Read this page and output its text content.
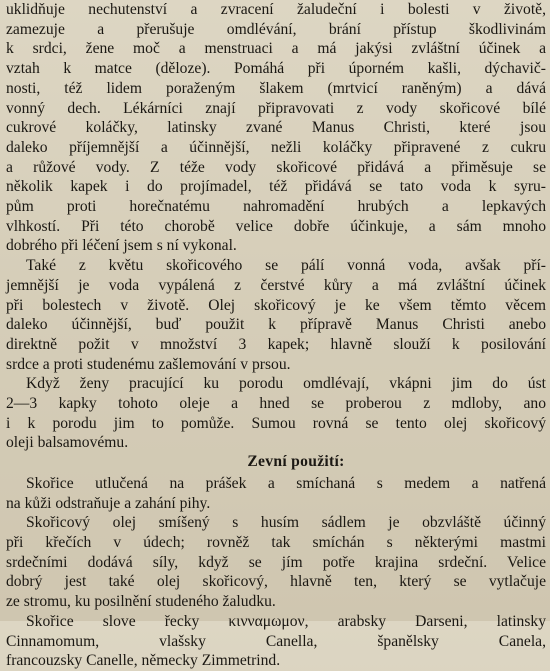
uklidňuje nechutenství a zvracení žaludeční i bolesti v životě,
zamezuje a přerušuje omdlévání, brání přístup škodlivinám
k srdci, žene moč a menstruaci a má jakýsi zvláštní účinek a
vztah k matce (děloze). Pomáhá při úporném kašli, dýchavič-
nosti, též lidem poraženým šlakem (mrtvicí raněným) a dává
vonný dech. Lékárníci znají připravovati z vody skořicové bílé
cukrové koláčky, latinsky zvané Manus Christi, které jsou
daleko příjemnější a účinnější, nežli koláčky připravené z cukru
a růžové vody. Z téže vody skořicové přidává a přiměsuje se
několik kapek i do projímadel, též přidává se tato voda k syru-
pům proti horečnatému nahromadění hrubých a lepkavých
vlhkostí. Při této chorobě velice dobře účinkuje, a sám mnoho
dobrého při léčení jsem s ní vykonal.
Také z květu skořicového se pálí vonná voda, avšak pří-
jemnější je voda vypálená z čerstvé kůry a má zvláštní účinek
při bolestech v životě. Olej skořicový je ke všem těmto věcem
daleko účinnější, buď použit k přípravě Manus Christi anebo
direktně požit v množství 3 kapek; hlavně slouží k posilování
srdce a proti studenému zašlemování v prsou.
Když ženy pracující ku porodu omdlévají, vkápni jim do úst
2—3 kapky tohoto oleje a hned se proberou z mdloby, ano
i k porodu jim to pomůže. Sumou rovná se tento olej skořicový
oleji balsamovému.
Zevní použití:
Skořice utlučená na prášek a smíchaná s medem a natřená
na kůži odstraňuje a zahání pihy.
Skořicový olej smíšený s husím sádlem je obzvláště účinný
při křečích v údech; rovněž tak smíchán s některými mastmi
srdečními dodává síly, když se jím potře krajina srdeční. Velice
dobrý jest také olej skořicový, hlavně ten, který se vytlačuje
ze stromu, ku posilnění studeného žaludku.
Skořice slove řecky κινναμωμον, arabsky Darseni, latinsky
Cinnamomum, vlašsky Canella, španělsky Canela,
francouzsky Canelle, německy Zimmetrind.
